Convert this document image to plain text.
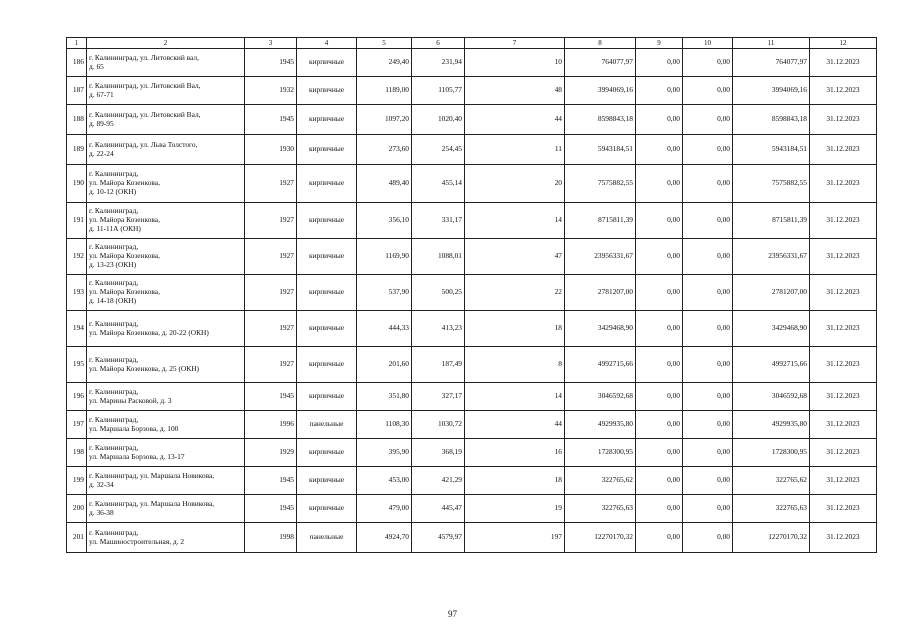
1	2	3	4	5	6	7	8	9	10	11	12
186	г. Калининград, ул. Литовский вал,
д. 65	1945	кирпичные	249,40	231,94	10	764077,97	0,00	0,00	764077,97	31.12.2023
187	г. Калининград, ул. Литовский Вал,
д. 67-71	1932	кирпичные	1189,00	1105,77	48	3994069,16	0,00	0,00	3994069,16	31.12.2023
188	г. Калининград, ул. Литовский Вал,
д. 89-95	1945	кирпичные	1097,20	1020,40	44	8598843,18	0,00	0,00	8598843,18	31.12.2023
189	г. Калининград, ул. Льва Толстого,
д. 22-24	1930	кирпичные	273,60	254,45	11	5943184,51	0,00	0,00	5943184,51	31.12.2023
190	г. Калининград,
ул. Майора Козенкова,
д. 10-12 (ОКН)	1927	кирпичные	489,40	455,14	20	7575882,55	0,00	0,00	7575882,55	31.12.2023
191	г. Калининград,
ул. Майора Козенкова,
д. 11-11А (ОКН)	1927	кирпичные	356,10	331,17	14	8715811,39	0,00	0,00	8715811,39	31.12.2023
192	г. Калининград,
ул. Майора Козенкова,
д. 13-23 (ОКН)	1927	кирпичные	1169,90	1088,01	47	23956331,67	0,00	0,00	23956331,67	31.12.2023
193	г. Калининград,
ул. Майора Козенкова,
д. 14-18 (ОКН)	1927	кирпичные	537,90	500,25	22	2781207,00	0,00	0,00	2781207,00	31.12.2023
194	г. Калининград,
ул. Майора Козенкова, д. 20-22 (ОКН)	1927	кирпичные	444,33	413,23	18	3429468,90	0,00	0,00	3429468,90	31.12.2023
195	г. Калининград,
ул. Майора Козенкова, д. 25 (ОКН)	1927	кирпичные	201,60	187,49	8	4992715,66	0,00	0,00	4992715,66	31.12.2023
196	г. Калининград,
ул. Марины Расковой, д. 3	1945	кирпичные	351,80	327,17	14	3046592,68	0,00	0,00	3046592,68	31.12.2023
197	г. Калининград,
ул. Маршала Борзова, д. 100	1996	панельные	1108,30	1030,72	44	4929935,80	0,00	0,00	4929935,80	31.12.2023
198	г. Калининград,
ул. Маршала Борзова, д. 13-17	1929	кирпичные	395,90	368,19	16	1728300,95	0,00	0,00	1728300,95	31.12.2023
199	г. Калининград, ул. Маршала Новикова,
д. 32-34	1945	кирпичные	453,00	421,29	18	322765,62	0,00	0,00	322765,62	31.12.2023
200	г. Калининград, ул. Маршала Новикова,
д. 36-38	1945	кирпичные	479,00	445,47	19	322765,63	0,00	0,00	322765,63	31.12.2023
201	г. Калининград,
ул. Машиностроительная, д. 2	1998	панельные	4924,70	4579,97	197	12270170,32	0,00	0,00	12270170,32	31.12.2023
97
